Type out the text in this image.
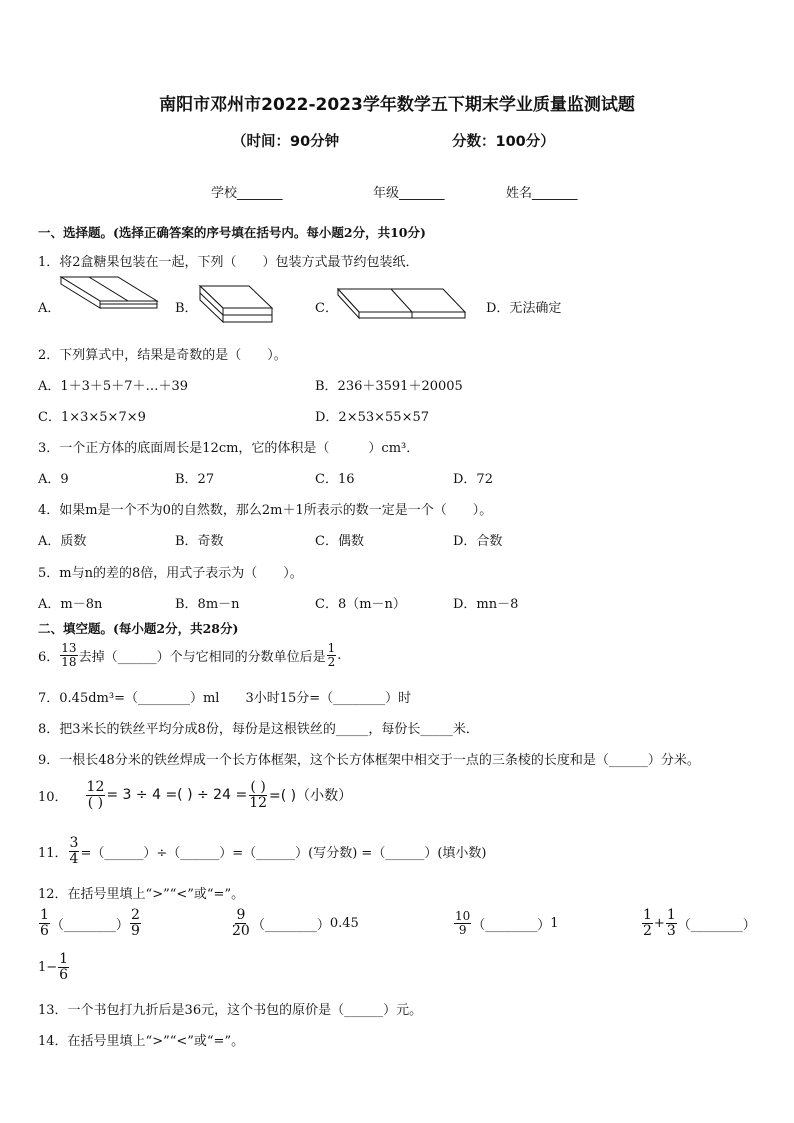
南阳市邓州市2022-2023学年数学五下期末学业质量监测试题
（时间：90分钟	分数：100分）
学校_______	年级_______	姓名_______
一、选择题。(选择正确答案的序号填在括号内。每小题2分，共10分)
1．将2盒糖果包装在一起，下列（　　）包装方式最节约包装纸．
A．	B．	C．	D．无法确定
2．下列算式中，结果是奇数的是（　　）。
A．1＋3＋5＋7＋…＋39	B．236＋3591＋20005
C．1×3×5×7×9	D．2×53×55×57
3．一个正方体的底面周长是12cm，它的体积是（　　　）cm³．
A．9	B．27	C．16	D．72
4．如果m是一个不为0的自然数，那么2m＋1所表示的数一定是一个（　　）。
A．质数	B．奇数	C．偶数	D．合数
5．m与n的差的8倍，用式子表示为（　　）。
A．m－8n	B．8m－n	C．8（m－n）	D．mn－8
二、填空题。(每小题2分，共28分)
6． $\frac{13}{18}$ 去掉（______）个与它相同的分数单位后是 $\frac{1}{2}$ .
7．0.45dm³=（________）ml　　3小时15分=（________）时
8．把3米长的铁丝平均分成8份，每份是这根铁丝的_____，每份长_____米．
9．一根长48分米的铁丝焊成一个长方体框架，这个长方体框架中相交于一点的三条棱的长度和是（______）分米。
10． $\frac{12}{( )} = 3 \div 4$ =( ) ÷ $24 = \frac{( )}{12}$ =( )（小数）
11． $\frac{3}{4}$ =（______）÷（______）=（______）(写分数) =（______）(填小数)
12．在括号里填上“>”“<”或“=”。
$\frac{1}{6}$ （________） $\frac{2}{9}$	$\frac{9}{20}$ （________） 0.45	$\frac{10}{9}$ （________） 1	$\frac{1}{2} + \frac{1}{3}$ （________）
$1- \frac{1}{6}$
13．一个书包打九折后是36元，这个书包的原价是（______）元。
14．在括号里填上“>”“<”或“=”。
